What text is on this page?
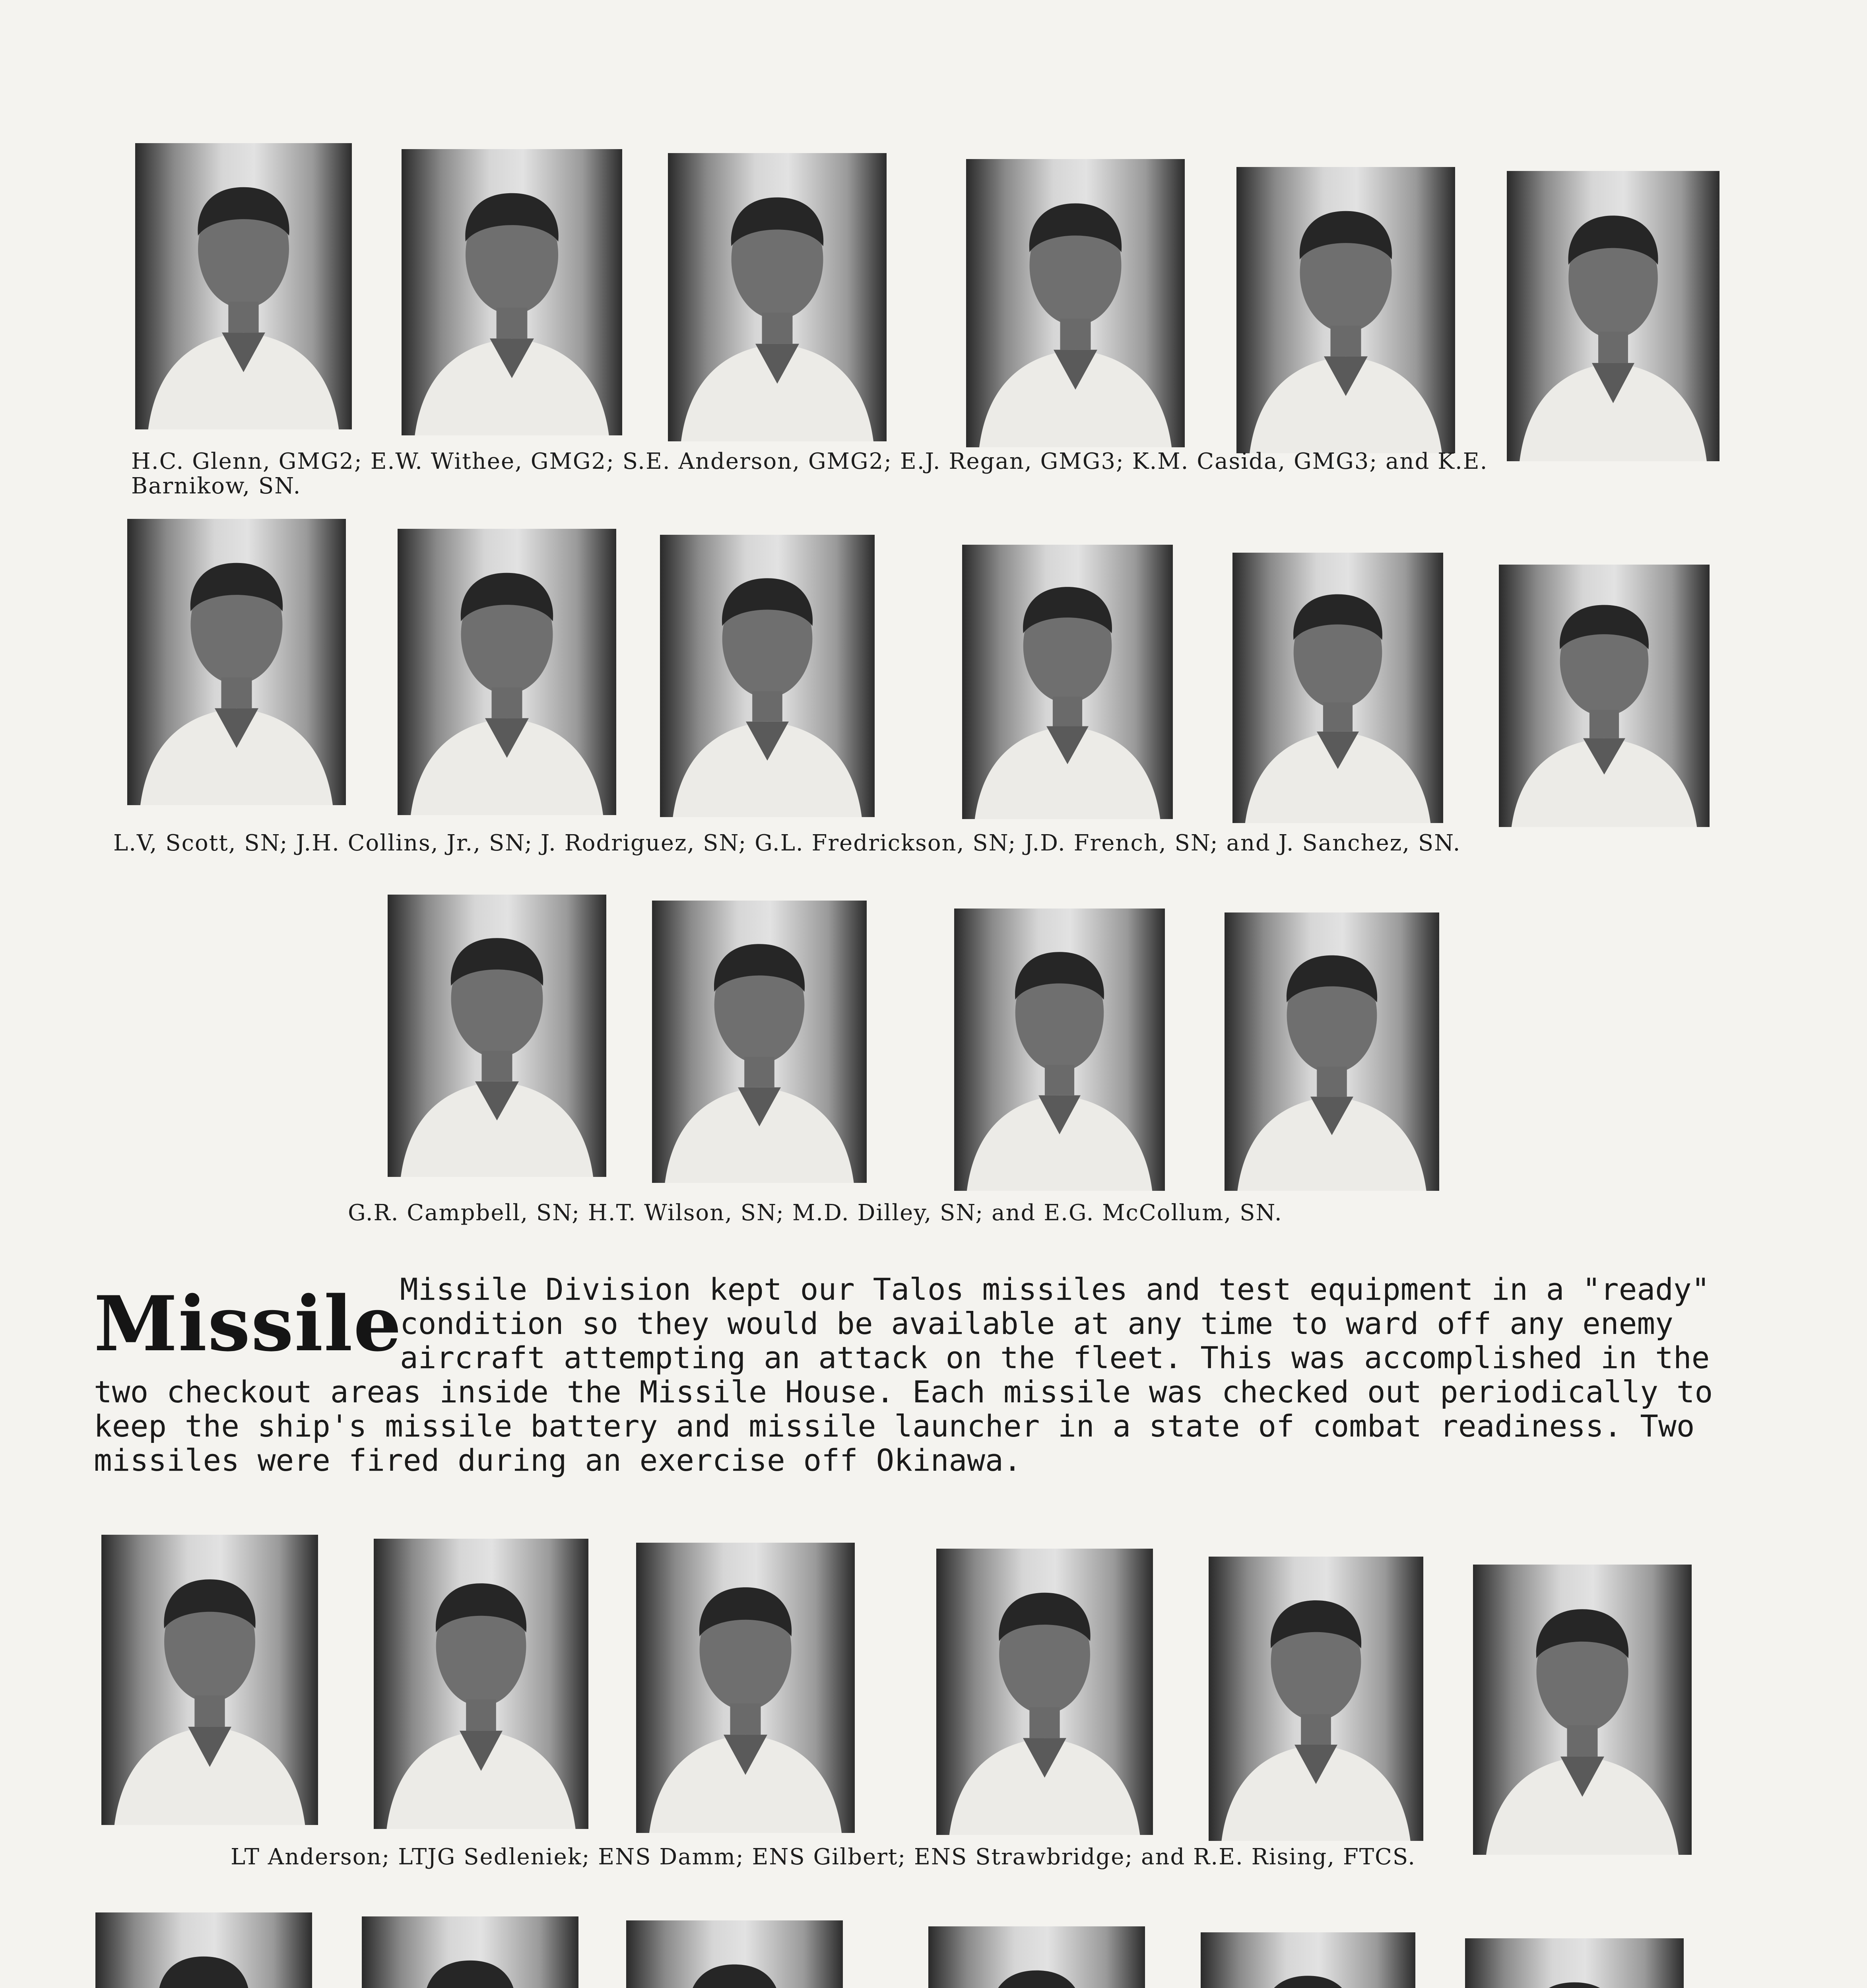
H.C. Glenn, GMG2; E.W. Withee, GMG2; S.E. Anderson, GMG2; E.J. Regan, GMG3; K.M. Casida, GMG3; and K.E.
Barnikow, SN.
L.V, Scott, SN; J.H. Collins, Jr., SN; J. Rodriguez, SN; G.L. Fredrickson, SN; J.D. French, SN; and J. Sanchez, SN.
G.R. Campbell, SN; H.T. Wilson, SN; M.D. Dilley, SN; and E.G. McCollum, SN.
Missile
Missile Division kept our Talos missiles and test equipment in a "ready" condition so they would be available at any time to ward off any enemy aircraft attempting an attack on the fleet. This was accomplished in the two checkout areas inside the Missile House. Each missile was checked out periodically to keep the ship's missile battery and missile launcher in a state of combat readiness. Two missiles were fired during an exercise off Okinawa.
LT Anderson; LTJG Sedleniek; ENS Damm; ENS Gilbert; ENS Strawbridge; and R.E. Rising, FTCS.
